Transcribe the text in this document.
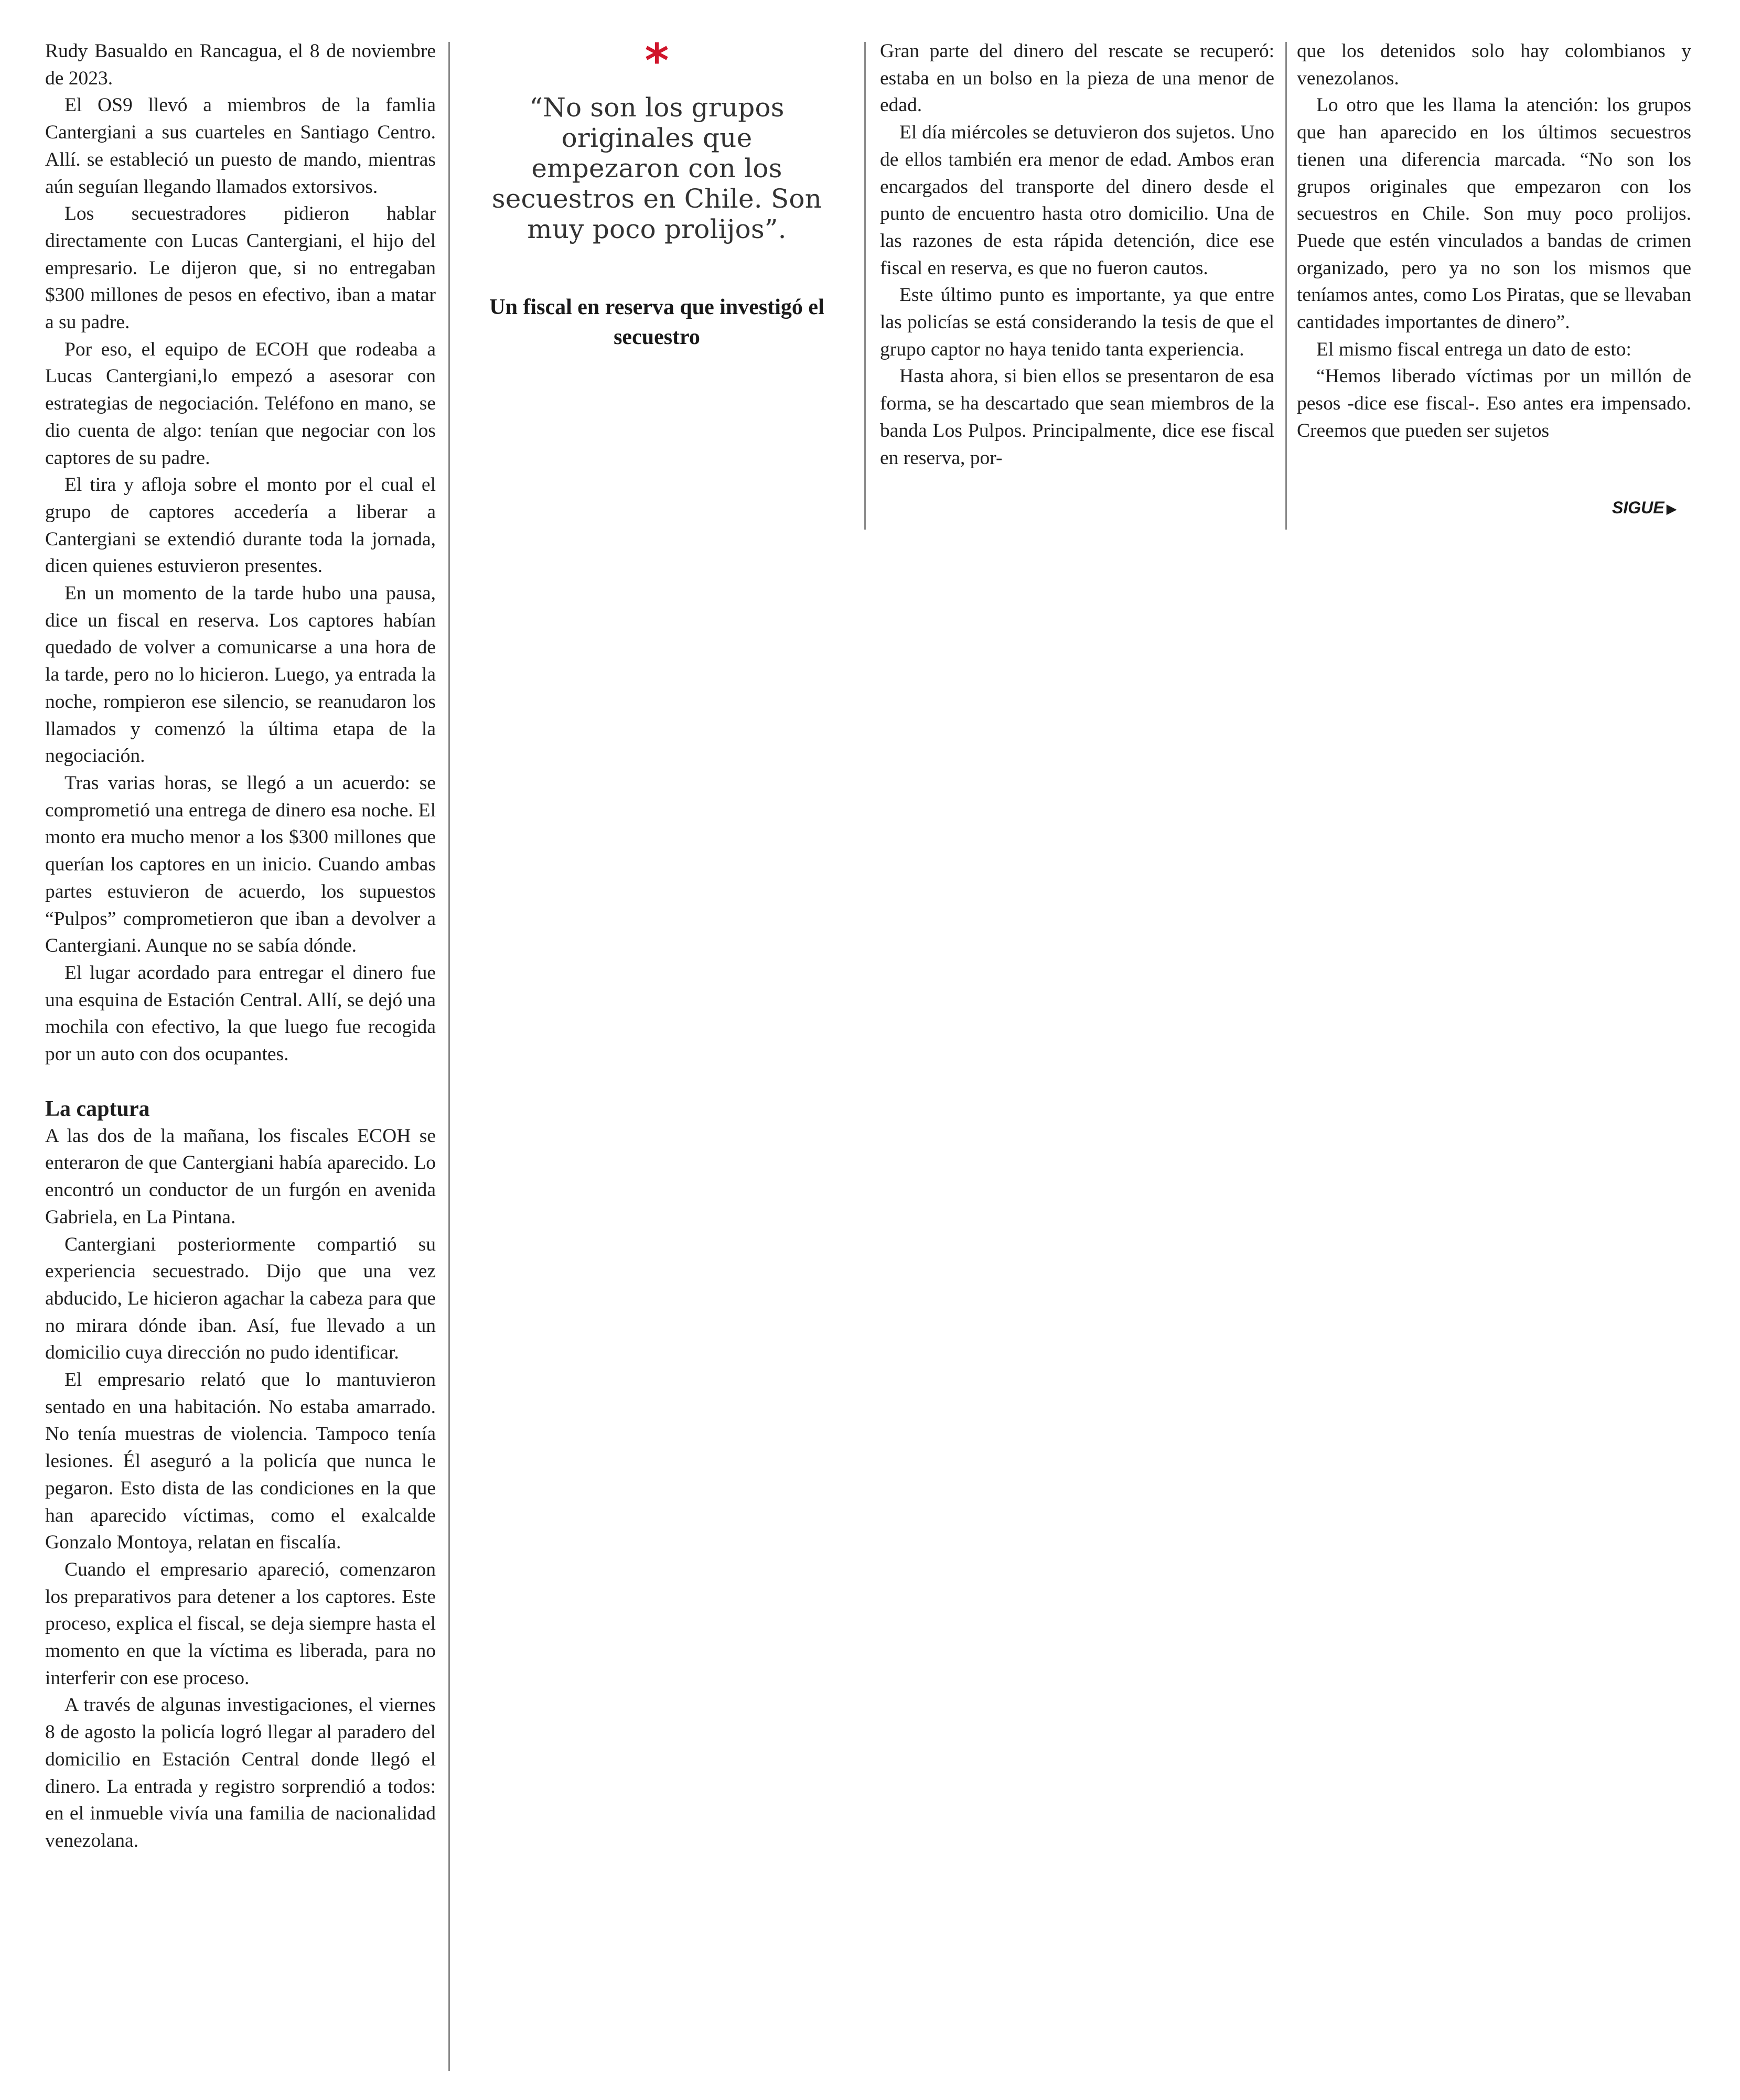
Rudy Basualdo en Rancagua, el 8 de noviembre de 2023.

El OS9 llevó a miembros de la famlia Cantergiani a sus cuarteles en Santiago Centro. Allí. se estableció un puesto de mando, mientras aún seguían llegando llamados extorsivos.

Los secuestradores pidieron hablar directamente con Lucas Cantergiani, el hijo del empresario. Le dijeron que, si no entregaban $300 millones de pesos en efectivo, iban a matar a su padre.

Por eso, el equipo de ECOH que rodeaba a Lucas Cantergiani,lo empezó a asesorar con estrategias de negociación. Teléfono en mano, se dio cuenta de algo: tenían que negociar con los captores de su padre.

El tira y afloja sobre el monto por el cual el grupo de captores accedería a liberar a Cantergiani se extendió durante toda la jornada, dicen quienes estuvieron presentes.

En un momento de la tarde hubo una pausa, dice un fiscal en reserva. Los captores habían quedado de volver a comunicarse a una hora de la tarde, pero no lo hicieron. Luego, ya entrada la noche, rompieron ese silencio, se reanudaron los llamados y comenzó la última etapa de la negociación.

Tras varias horas, se llegó a un acuerdo: se comprometió una entrega de dinero esa noche. El monto era mucho menor a los $300 millones que querían los captores en un inicio. Cuando ambas partes estuvieron de acuerdo, los supuestos “Pulpos” comprometieron que iban a devolver a Cantergiani. Aunque no se sabía dónde.

El lugar acordado para entregar el dinero fue una esquina de Estación Central. Allí, se dejó una mochila con efectivo, la que luego fue recogida por un auto con dos ocupantes.

La captura

A las dos de la mañana, los fiscales ECOH se enteraron de que Cantergiani había aparecido. Lo encontró un conductor de un furgón en avenida Gabriela, en La Pintana.

Cantergiani posteriormente compartió su experiencia secuestrado. Dijo que una vez abducido, Le hicieron agachar la cabeza para que no mirara dónde iban. Así, fue llevado a un domicilio cuya dirección no pudo identificar.

El empresario relató que lo mantuvieron sentado en una habitación. No estaba amarrado. No tenía muestras de violencia. Tampoco tenía lesiones. Él aseguró a la policía que nunca le pegaron. Esto dista de las condiciones en la que han aparecido víctimas, como el exalcalde Gonzalo Montoya, relatan en fiscalía.

Cuando el empresario apareció, comenzaron los preparativos para detener a los captores. Este proceso, explica el fiscal, se deja siempre hasta el momento en que la víctima es liberada, para no interferir con ese proceso.

A través de algunas investigaciones, el viernes 8 de agosto la policía logró llegar al paradero del domicilio en Estación Central donde llegó el dinero. La entrada y registro sorprendió a todos: en el inmueble vivía una familia de nacionalidad venezolana.

*
“No son los grupos originales que empezaron con los secuestros en Chile. Son muy poco prolijos”.
Un fiscal en reserva que investigó el secuestro

Gran parte del dinero del rescate se recuperó: estaba en un bolso en la pieza de una menor de edad.

El día miércoles se detuvieron dos sujetos. Uno de ellos también era menor de edad. Ambos eran encargados del transporte del dinero desde el punto de encuentro hasta otro domicilio. Una de las razones de esta rápida detención, dice ese fiscal en reserva, es que no fueron cautos.

Este último punto es importante, ya que entre las policías se está considerando la tesis de que el grupo captor no haya tenido tanta experiencia.

Hasta ahora, si bien ellos se presentaron de esa forma, se ha descartado que sean miembros de la banda Los Pulpos. Principalmente, dice ese fiscal en reserva, por-

que los detenidos solo hay colombianos y venezolanos.

Lo otro que les llama la atención: los grupos que han aparecido en los últimos secuestros tienen una diferencia marcada. “No son los grupos originales que empezaron con los secuestros en Chile. Son muy poco prolijos. Puede que estén vinculados a bandas de crimen organizado, pero ya no son los mismos que teníamos antes, como Los Piratas, que se llevaban cantidades importantes de dinero”.

El mismo fiscal entrega un dato de esto:

“Hemos liberado víctimas por un millón de pesos -dice ese fiscal-. Eso antes era impensado. Creemos que pueden ser sujetos

SIGUE ▶
